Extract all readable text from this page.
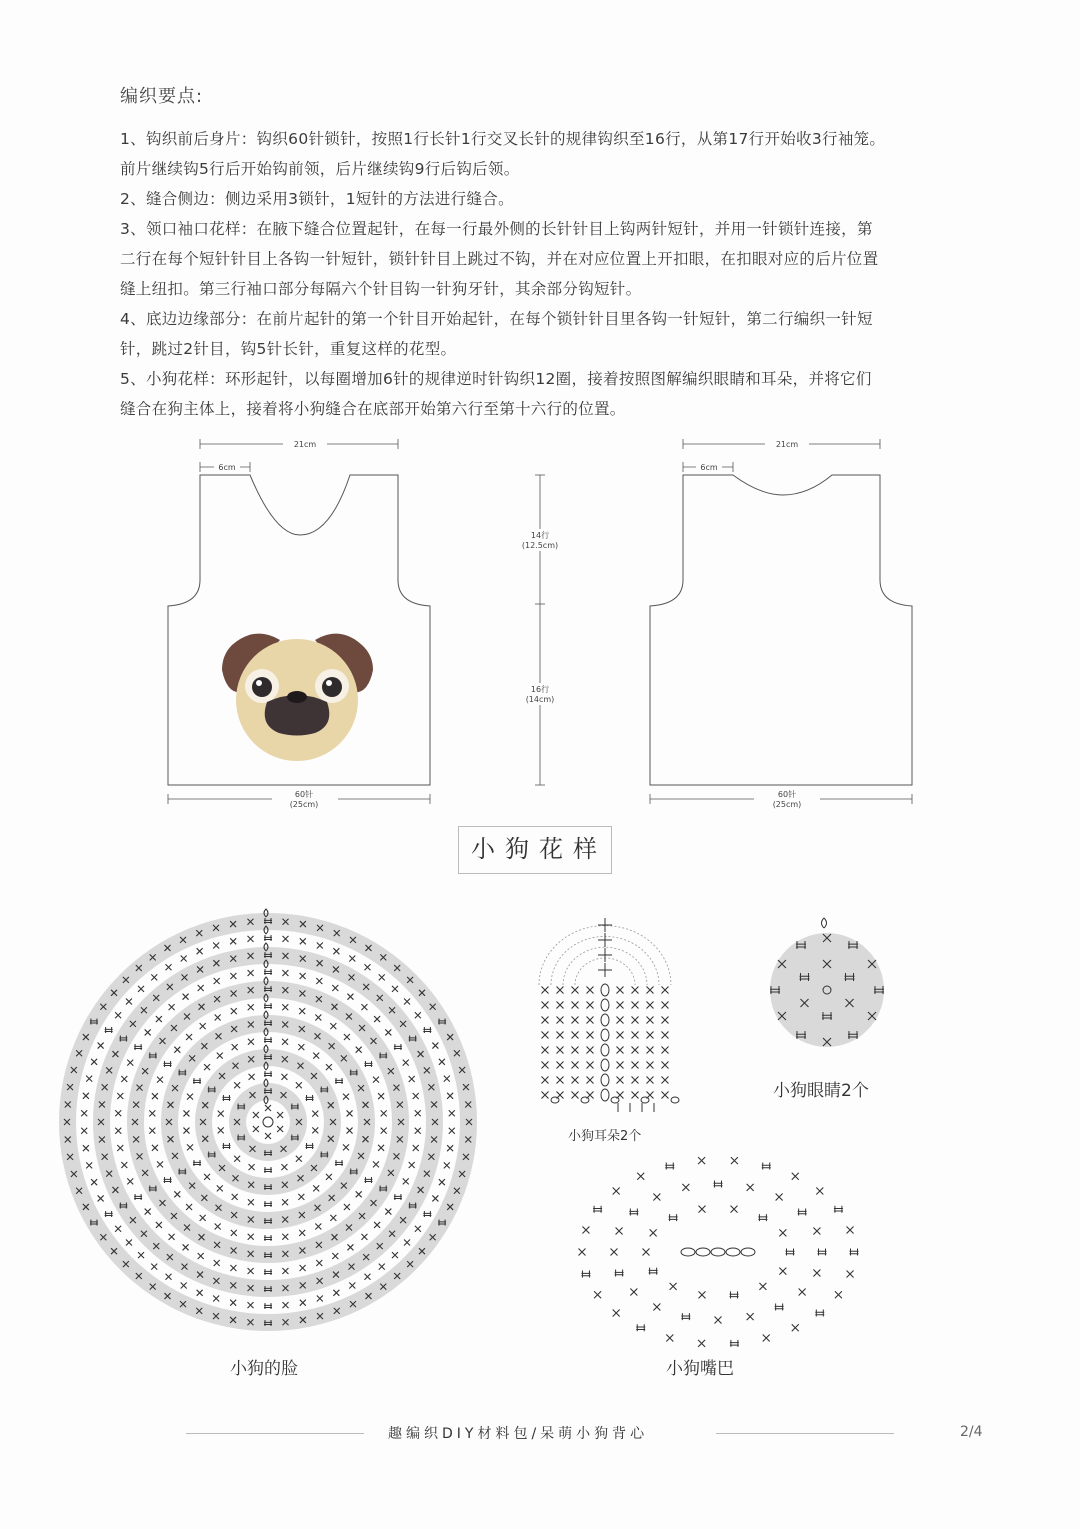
编织要点:
1、钩织前后身片：钩织60针锁针，按照1行长针1行交叉长针的规律钩织至16行，从第17行开始收3行袖笼。
前片继续钩5行后开始钩前领，后片继续钩9行后钩后领。
2、缝合侧边：侧边采用3锁针，1短针的方法进行缝合。
3、领口袖口花样：在腋下缝合位置起针，在每一行最外侧的长针针目上钩两针短针，并用一针锁针连接，第
二行在每个短针针目上各钩一针短针，锁针针目上跳过不钩，并在对应位置上开扣眼，在扣眼对应的后片位置
缝上纽扣。第三行袖口部分每隔六个针目钩一针狗牙针，其余部分钩短针。
4、底边边缘部分：在前片起针的第一个针目开始起针，在每个锁针针目里各钩一针短针，第二行编织一针短
针，跳过2针目，钩5针长针，重复这样的花型。
5、小狗花样：环形起针，以每圈增加6针的规律逆时针钩织12圈，接着按照图解编织眼睛和耳朵，并将它们
缝合在狗主体上，接着将小狗缝合在底部开始第六行至第十六行的位置。
21cm
6cm
60针
(25cm)
14行
(12.5cm)
16行
(14cm)
21cm
6cm
60针
(25cm)
小狗花样
小狗的脸
小狗耳朵2个
小狗眼睛2个
小狗嘴巴
趣编织DIY材料包/呆萌小狗背心	2/4
